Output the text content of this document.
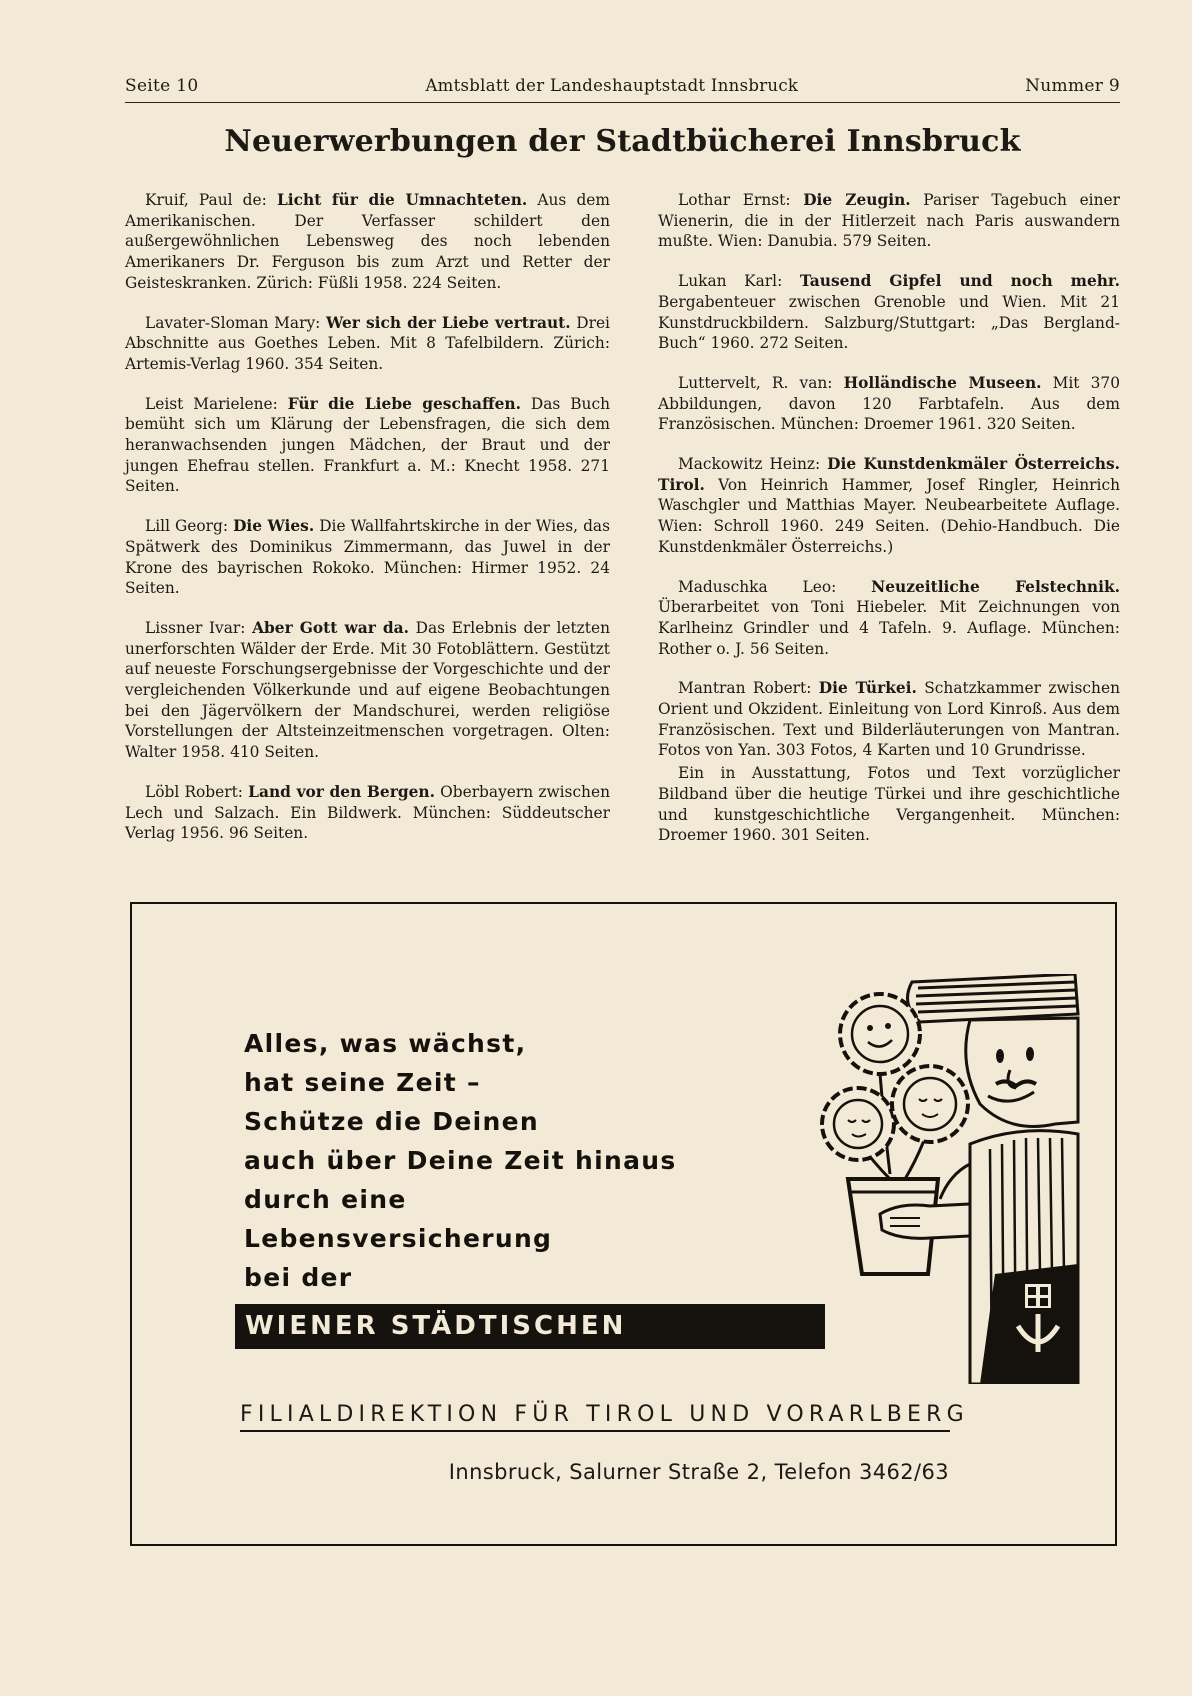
Seite 10	Amtsblatt der Landeshauptstadt Innsbruck	Nummer 9
Neuerwerbungen der Stadtbücherei Innsbruck

Kruif, Paul de: Licht für die Umnachteten. Aus dem Amerikanischen. Der Verfasser schildert den außergewöhnlichen Lebensweg des noch lebenden Amerikaners Dr. Ferguson bis zum Arzt und Retter der Geisteskranken. Zürich: Füßli 1958. 224 Seiten.

Lavater-Sloman Mary: Wer sich der Liebe vertraut. Drei Abschnitte aus Goethes Leben. Mit 8 Tafelbildern. Zürich: Artemis-Verlag 1960. 354 Seiten.

Leist Marielene: Für die Liebe geschaffen. Das Buch bemüht sich um Klärung der Lebensfragen, die sich dem heranwachsenden jungen Mädchen, der Braut und der jungen Ehefrau stellen. Frankfurt a. M.: Knecht 1958. 271 Seiten.

Lill Georg: Die Wies. Die Wallfahrtskirche in der Wies, das Spätwerk des Dominikus Zimmermann, das Juwel in der Krone des bayrischen Rokoko. München: Hirmer 1952. 24 Seiten.

Lissner Ivar: Aber Gott war da. Das Erlebnis der letzten unerforschten Wälder der Erde. Mit 30 Fotoblättern. Gestützt auf neueste Forschungsergebnisse der Vorgeschichte und der vergleichenden Völkerkunde und auf eigene Beobachtungen bei den Jägervölkern der Mandschurei, werden religiöse Vorstellungen der Altsteinzeitmenschen vorgetragen. Olten: Walter 1958. 410 Seiten.

Löbl Robert: Land vor den Bergen. Oberbayern zwischen Lech und Salzach. Ein Bildwerk. München: Süddeutscher Verlag 1956. 96 Seiten.

Lothar Ernst: Die Zeugin. Pariser Tagebuch einer Wienerin, die in der Hitlerzeit nach Paris auswandern mußte. Wien: Danubia. 579 Seiten.

Lukan Karl: Tausend Gipfel und noch mehr. Bergabenteuer zwischen Grenoble und Wien. Mit 21 Kunstdruckbildern. Salzburg/Stuttgart: „Das Bergland-Buch“ 1960. 272 Seiten.

Luttervelt, R. van: Holländische Museen. Mit 370 Abbildungen, davon 120 Farbtafeln. Aus dem Französischen. München: Droemer 1961. 320 Seiten.

Mackowitz Heinz: Die Kunstdenkmäler Österreichs. Tirol. Von Heinrich Hammer, Josef Ringler, Heinrich Waschgler und Matthias Mayer. Neubearbeitete Auflage. Wien: Schroll 1960. 249 Seiten. (Dehio-Handbuch. Die Kunstdenkmäler Österreichs.)

Maduschka Leo: Neuzeitliche Felstechnik. Überarbeitet von Toni Hiebeler. Mit Zeichnungen von Karlheinz Grindler und 4 Tafeln. 9. Auflage. München: Rother o. J. 56 Seiten.

Mantran Robert: Die Türkei. Schatzkammer zwischen Orient und Okzident. Einleitung von Lord Kinroß. Aus dem Französischen. Text und Bilderläuterungen von Mantran. Fotos von Yan. 303 Fotos, 4 Karten und 10 Grundrisse.

Ein in Ausstattung, Fotos und Text vorzüglicher Bildband über die heutige Türkei und ihre geschichtliche und kunstgeschichtliche Vergangenheit. München: Droemer 1960. 301 Seiten.

Alles, was wächst,
hat seine Zeit –
Schütze die Deinen
auch über Deine Zeit hinaus
durch eine
Lebensversicherung
bei der
WIENER STÄDTISCHEN
FILIALDIREKTION FÜR TIROL UND VORARLBERG
Innsbruck, Salurner Straße 2, Telefon 3462/63
